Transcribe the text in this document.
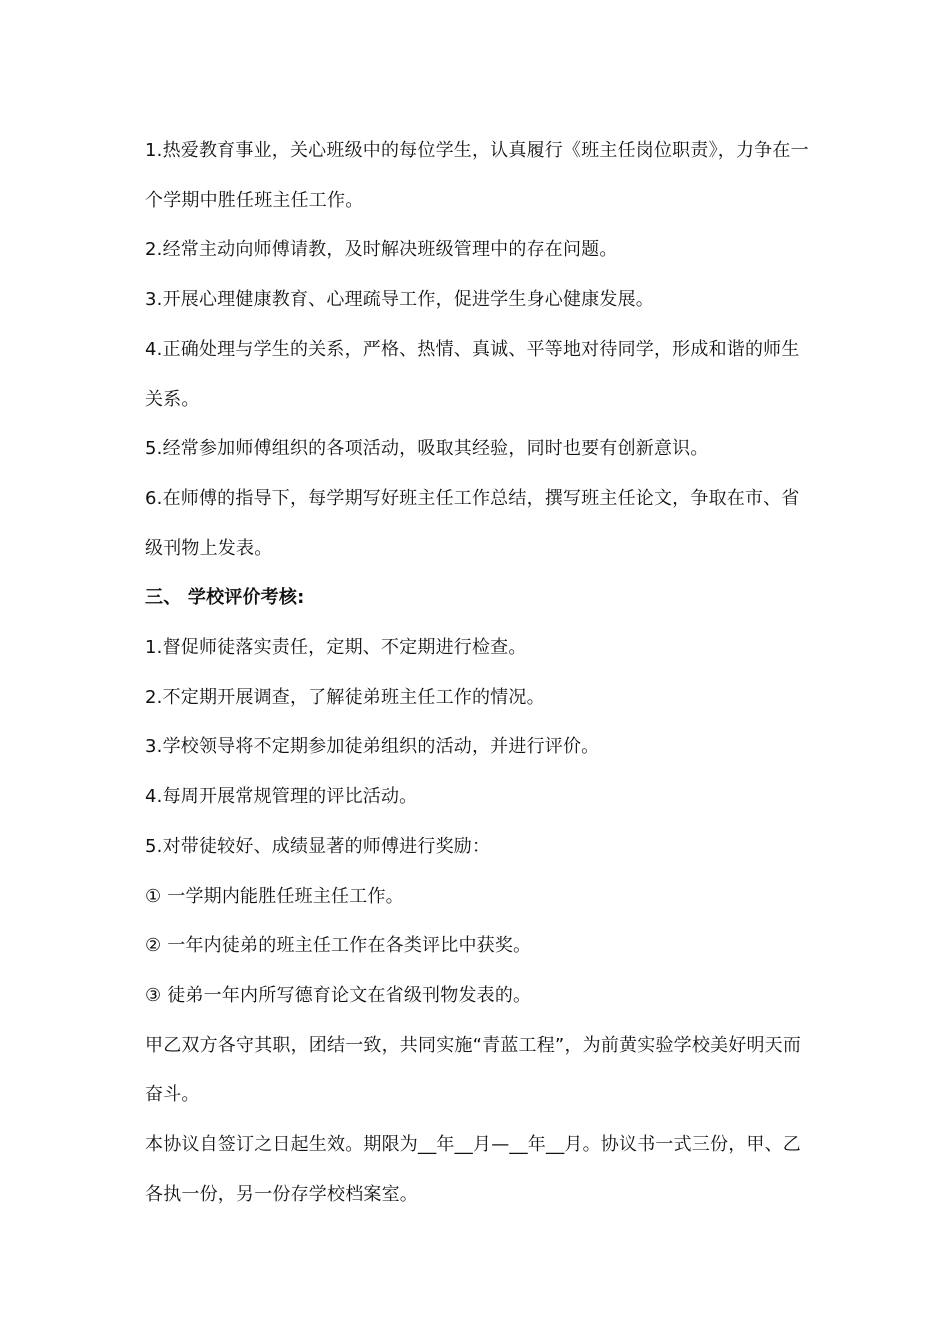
1.热爱教育事业，关心班级中的每位学生，认真履行《班主任岗位职责》，力争在一个学期中胜任班主任工作。

2.经常主动向师傅请教，及时解决班级管理中的存在问题。

3.开展心理健康教育、心理疏导工作，促进学生身心健康发展。

4.正确处理与学生的关系，严格、热情、真诚、平等地对待同学，形成和谐的师生关系。

5.经常参加师傅组织的各项活动，吸取其经验，同时也要有创新意识。

6.在师傅的指导下，每学期写好班主任工作总结，撰写班主任论文，争取在市、省级刊物上发表。

三、 学校评价考核:

1.督促师徒落实责任，定期、不定期进行检查。

2.不定期开展调查，了解徒弟班主任工作的情况。

3.学校领导将不定期参加徒弟组织的活动，并进行评价。

4.每周开展常规管理的评比活动。

5.对带徒较好、成绩显著的师傅进行奖励：

① 一学期内能胜任班主任工作。

② 一年内徒弟的班主任工作在各类评比中获奖。

③ 徒弟一年内所写德育论文在省级刊物发表的。

甲乙双方各守其职，团结一致，共同实施“青蓝工程”，为前黄实验学校美好明天而奋斗。

本协议自签订之日起生效。期限为__年__月—__年__月。协议书一式三份，甲、乙各执一份，另一份存学校档案室。
